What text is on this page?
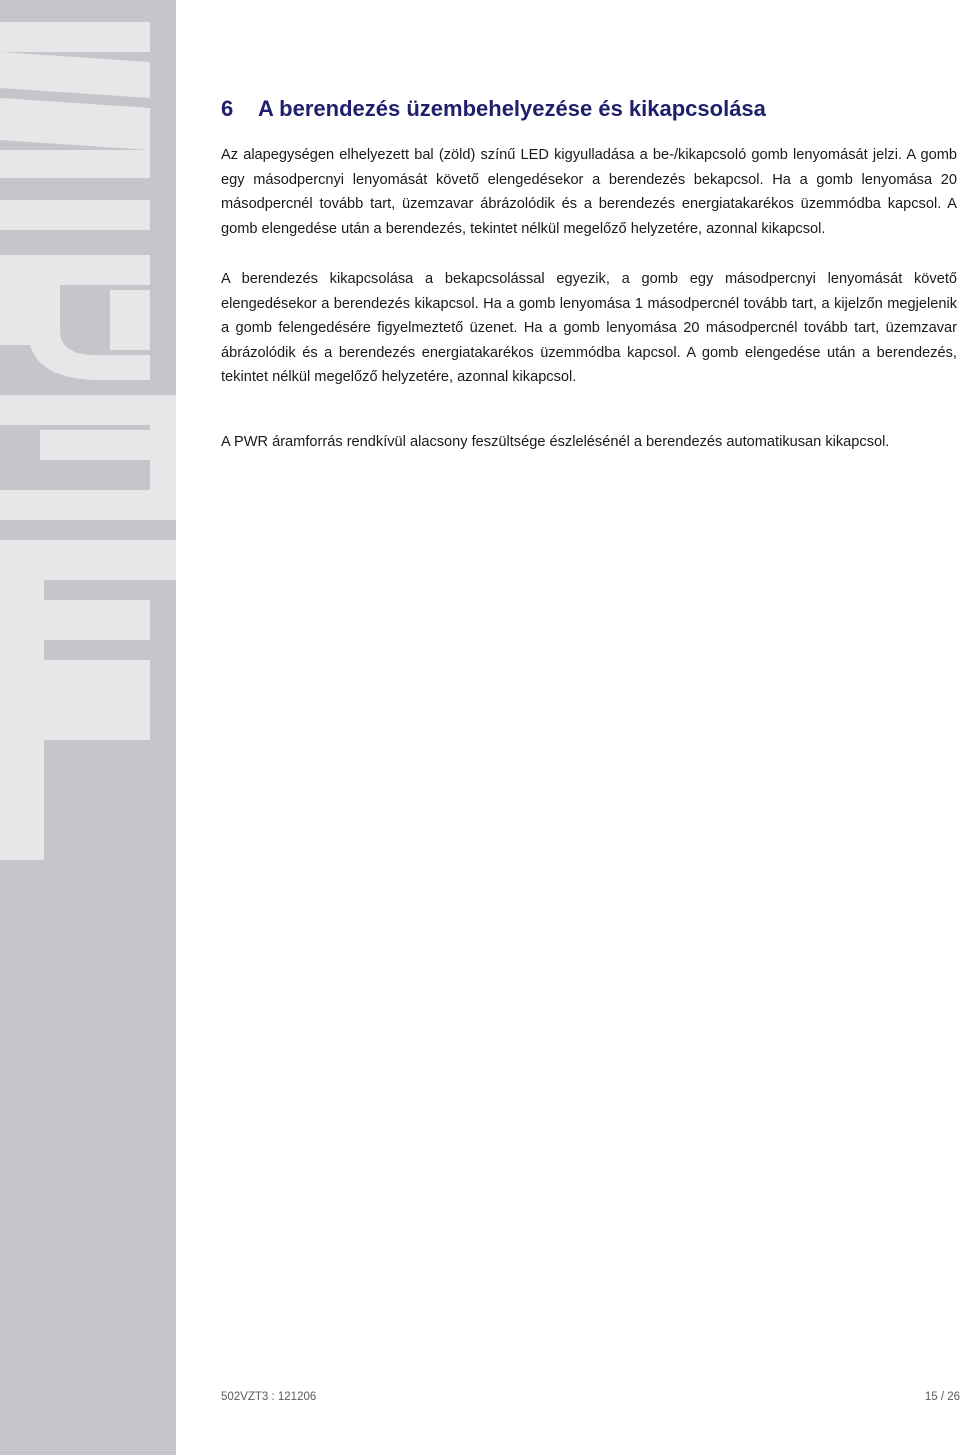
6 A berendezés üzembehelyezése és kikapcsolása

Az alapegységen elhelyezett bal (zöld) színű LED kigyulladása a be-/kikapcsoló gomb lenyomását jelzi. A gomb egy másodpercnyi lenyomását követő elengedésekor a berendezés bekapcsol. Ha a gomb lenyomása 20 másodpercnél tovább tart, üzemzavar ábrázolódik és a berendezés energiatakarékos üzemmódba kapcsol. A gomb elengedése után a berendezés, tekintet nélkül megelőző helyzetére, azonnal kikapcsol.

A berendezés kikapcsolása a bekapcsolással egyezik, a gomb egy másodpercnyi lenyomását követő elengedésekor a berendezés kikapcsol. Ha a gomb lenyomása 1 másodpercnél tovább tart, a kijelzőn megjelenik a gomb felengedésére figyelmeztető üzenet. Ha a gomb lenyomása 20 másodpercnél tovább tart, üzemzavar ábrázolódik és a berendezés energiatakarékos üzemmódba kapcsol. A gomb elengedése után a berendezés, tekintet nélkül megelőző helyzetére, azonnal kikapcsol.

A PWR áramforrás rendkívül alacsony feszültsége észlelésénél a berendezés automatikusan kikapcsol.

502VZT3 : 121206	15 / 26
